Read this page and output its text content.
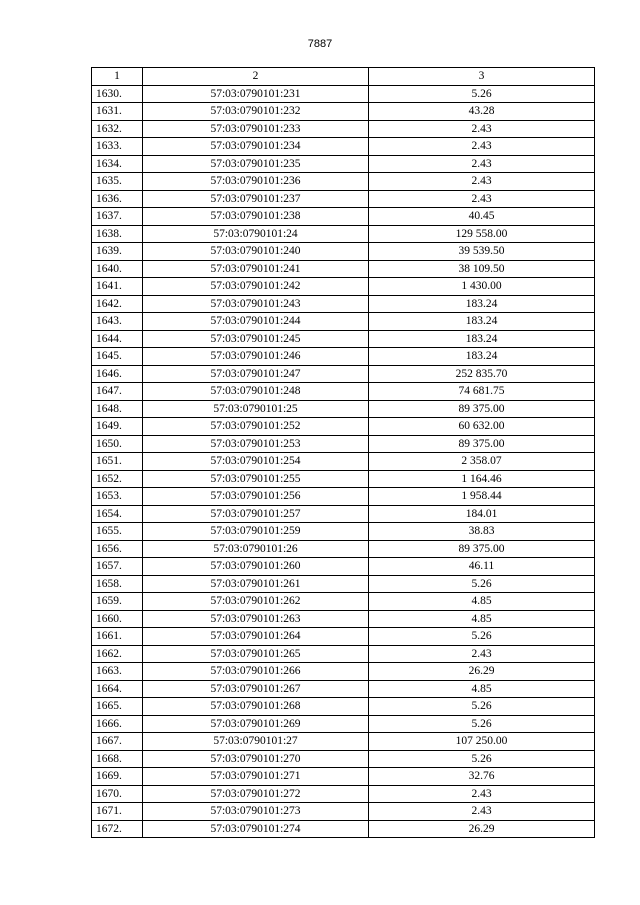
7887
1	2	3
1630.	57:03:0790101:231	5.26
1631.	57:03:0790101:232	43.28
1632.	57:03:0790101:233	2.43
1633.	57:03:0790101:234	2.43
1634.	57:03:0790101:235	2.43
1635.	57:03:0790101:236	2.43
1636.	57:03:0790101:237	2.43
1637.	57:03:0790101:238	40.45
1638.	57:03:0790101:24	129 558.00
1639.	57:03:0790101:240	39 539.50
1640.	57:03:0790101:241	38 109.50
1641.	57:03:0790101:242	1 430.00
1642.	57:03:0790101:243	183.24
1643.	57:03:0790101:244	183.24
1644.	57:03:0790101:245	183.24
1645.	57:03:0790101:246	183.24
1646.	57:03:0790101:247	252 835.70
1647.	57:03:0790101:248	74 681.75
1648.	57:03:0790101:25	89 375.00
1649.	57:03:0790101:252	60 632.00
1650.	57:03:0790101:253	89 375.00
1651.	57:03:0790101:254	2 358.07
1652.	57:03:0790101:255	1 164.46
1653.	57:03:0790101:256	1 958.44
1654.	57:03:0790101:257	184.01
1655.	57:03:0790101:259	38.83
1656.	57:03:0790101:26	89 375.00
1657.	57:03:0790101:260	46.11
1658.	57:03:0790101:261	5.26
1659.	57:03:0790101:262	4.85
1660.	57:03:0790101:263	4.85
1661.	57:03:0790101:264	5.26
1662.	57:03:0790101:265	2.43
1663.	57:03:0790101:266	26.29
1664.	57:03:0790101:267	4.85
1665.	57:03:0790101:268	5.26
1666.	57:03:0790101:269	5.26
1667.	57:03:0790101:27	107 250.00
1668.	57:03:0790101:270	5.26
1669.	57:03:0790101:271	32.76
1670.	57:03:0790101:272	2.43
1671.	57:03:0790101:273	2.43
1672.	57:03:0790101:274	26.29
